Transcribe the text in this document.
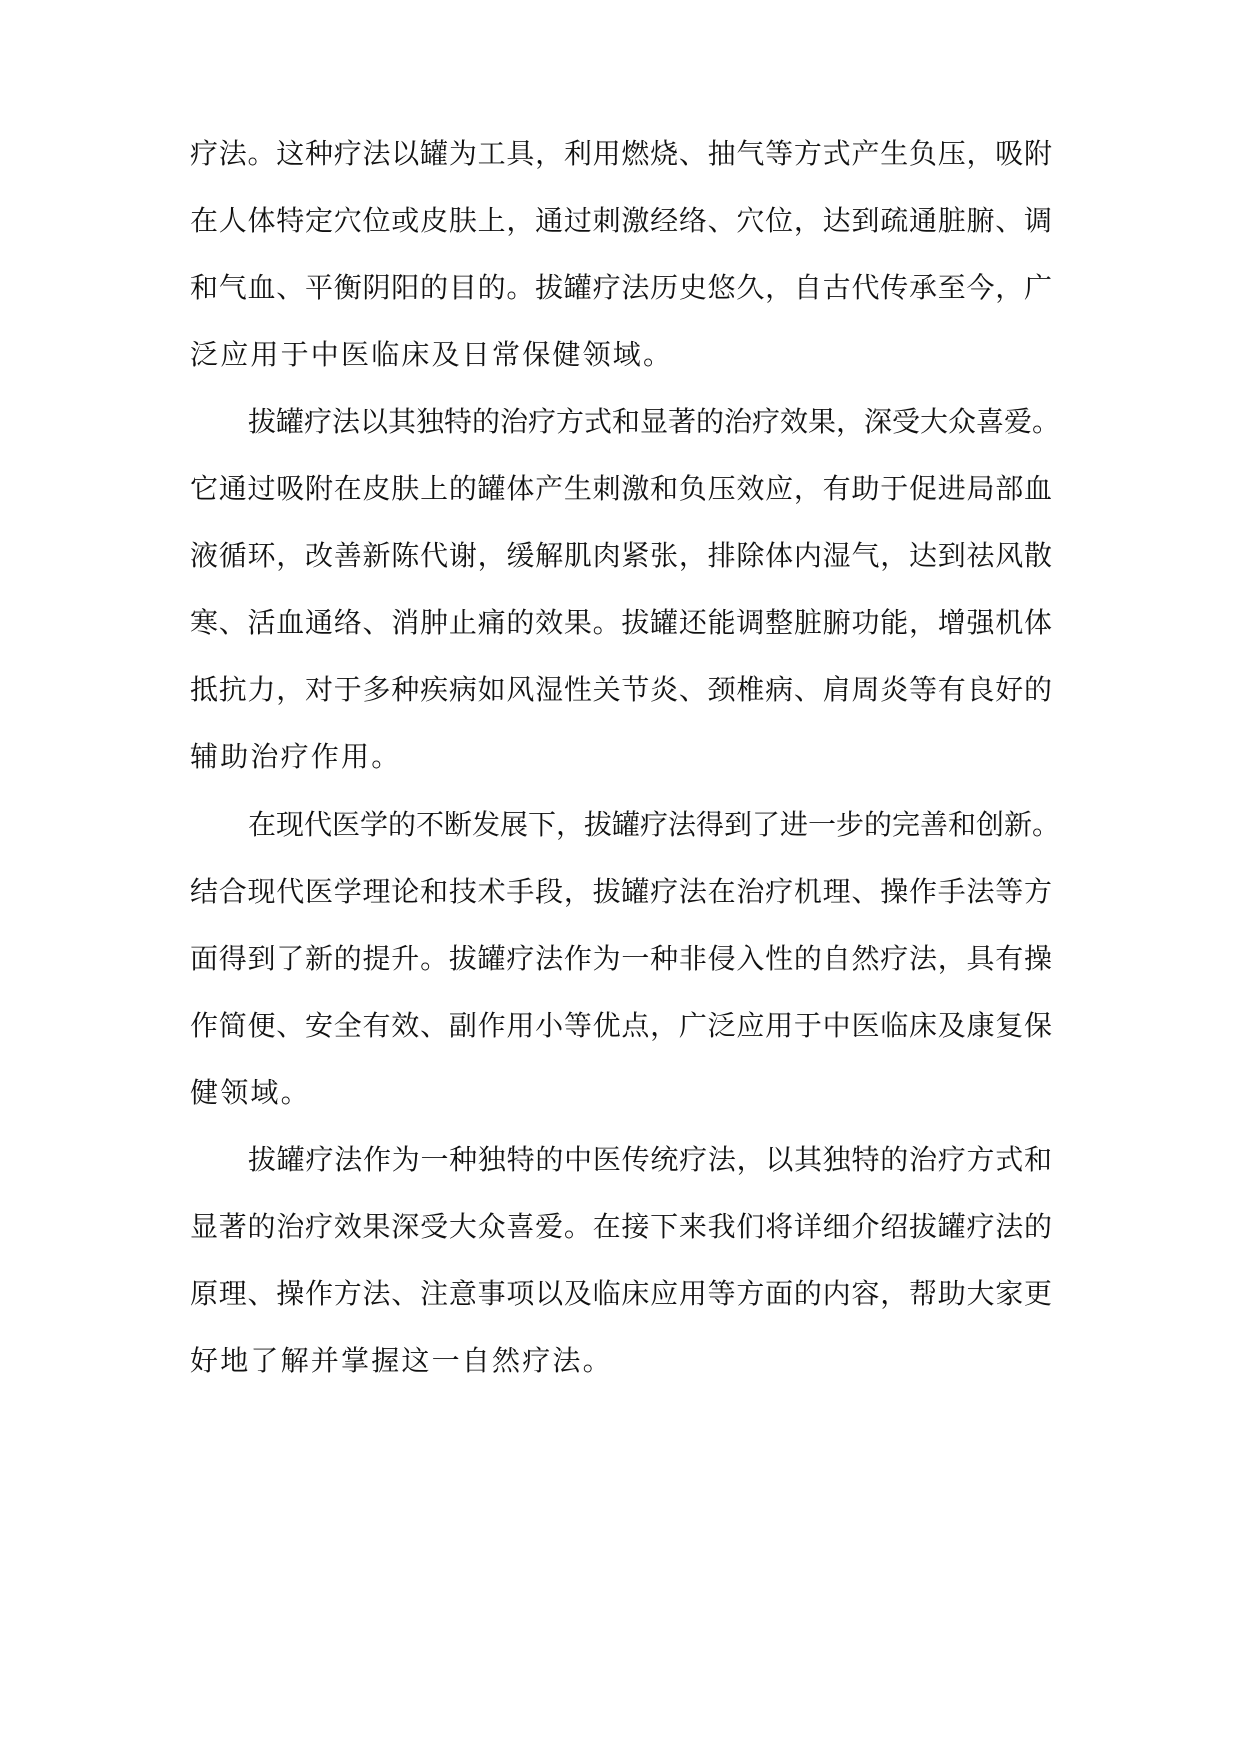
疗法。这种疗法以罐为工具，利用燃烧、抽气等方式产生负压，吸附
在人体特定穴位或皮肤上，通过刺激经络、穴位，达到疏通脏腑、调
和气血、平衡阴阳的目的。拔罐疗法历史悠久，自古代传承至今，广
泛应用于中医临床及日常保健领域。
拔罐疗法以其独特的治疗方式和显著的治疗效果，深受大众喜爱。
它通过吸附在皮肤上的罐体产生刺激和负压效应，有助于促进局部血
液循环，改善新陈代谢，缓解肌肉紧张，排除体内湿气，达到祛风散
寒、活血通络、消肿止痛的效果。拔罐还能调整脏腑功能，增强机体
抵抗力，对于多种疾病如风湿性关节炎、颈椎病、肩周炎等有良好的
辅助治疗作用。
在现代医学的不断发展下，拔罐疗法得到了进一步的完善和创新。
结合现代医学理论和技术手段，拔罐疗法在治疗机理、操作手法等方
面得到了新的提升。拔罐疗法作为一种非侵入性的自然疗法，具有操
作简便、安全有效、副作用小等优点，广泛应用于中医临床及康复保
健领域。
拔罐疗法作为一种独特的中医传统疗法，以其独特的治疗方式和
显著的治疗效果深受大众喜爱。在接下来我们将详细介绍拔罐疗法的
原理、操作方法、注意事项以及临床应用等方面的内容，帮助大家更
好地了解并掌握这一自然疗法。
